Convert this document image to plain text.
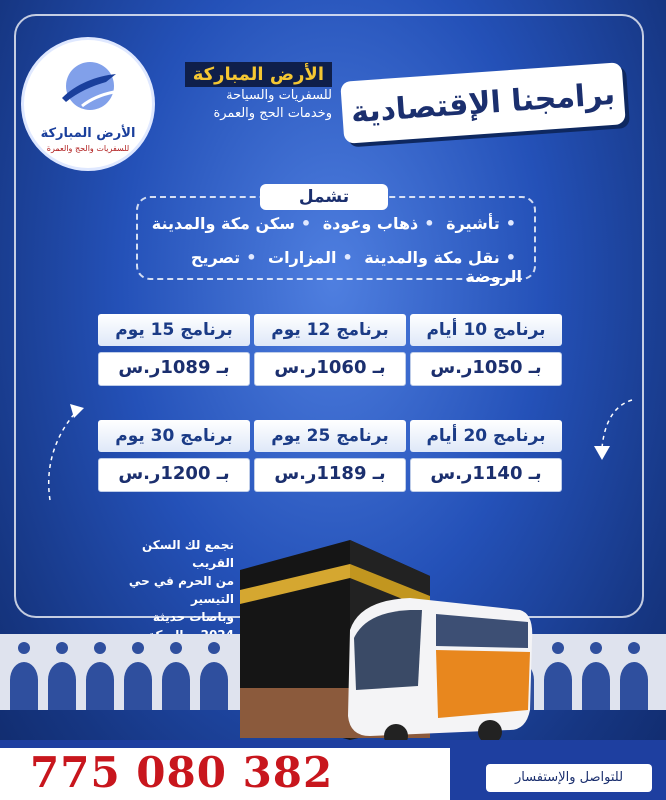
الأرض المباركة
للسفريات والحج والعمرة
الأرض المباركة
للسفريات والسياحة
وخدمات الحج والعمرة برامجنا الإقتصادية
تشمل
•تأشيرة •ذهاب وعودة •سكن مكة والمدينة
•نقل مكة والمدينة •المزارات •تصريح الروضة
برنامج 10 أيام
برنامج 12 يوم
برنامج 15 يوم
بـ 1050ر.س
بـ 1060ر.س
بـ 1089ر.س
برنامج 20 أيام
برنامج 25 يوم
برنامج 30 يوم
بـ 1140ر.س
بـ 1189ر.س
بـ 1200ر.س
نجمع لك السكن القريب
من الحرم في حي التيسير
وباصات حديثة
775 080 382	للتواصل والإستفسار
